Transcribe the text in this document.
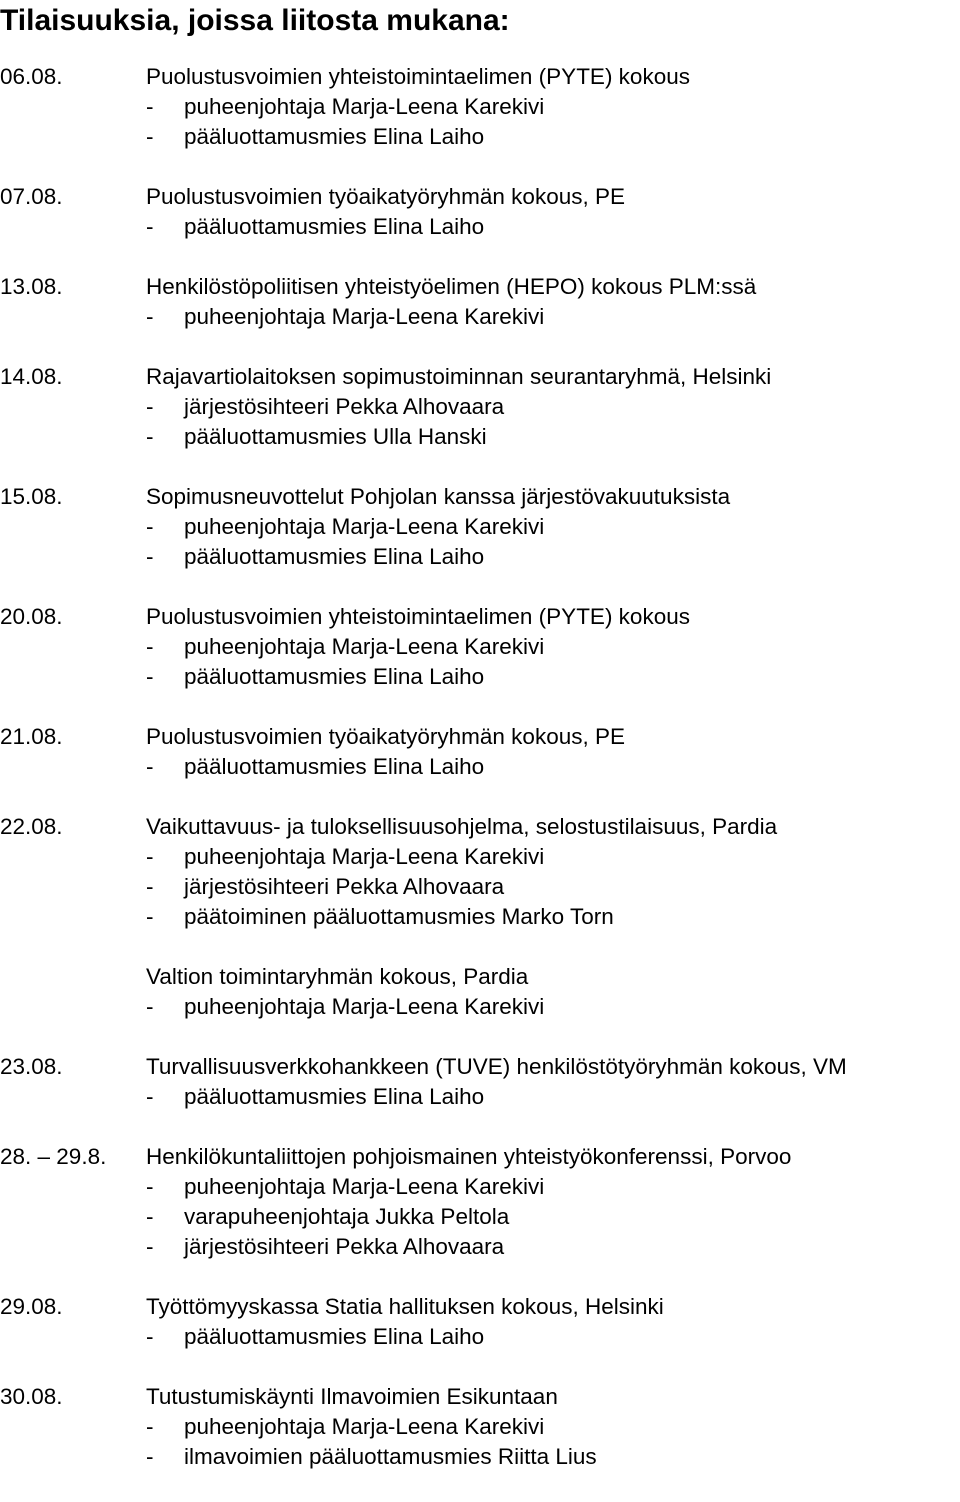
Tilaisuuksia, joissa liitosta mukana:
06.08.	Puolustusvoimien yhteistoimintaelimen (PYTE) kokous
- puheenjohtaja Marja-Leena Karekivi
- pääluottamusmies Elina Laiho
07.08.	Puolustusvoimien työaikatyöryhmän kokous, PE
- pääluottamusmies Elina Laiho
13.08.	Henkilöstöpoliitisen yhteistyöelimen (HEPO) kokous PLM:ssä
- puheenjohtaja Marja-Leena Karekivi
14.08.	Rajavartiolaitoksen sopimustoiminnan seurantaryhmä, Helsinki
- järjestösihteeri Pekka Alhovaara
- pääluottamusmies Ulla Hanski
15.08.	Sopimusneuvottelut Pohjolan kanssa järjestövakuutuksista
- puheenjohtaja Marja-Leena Karekivi
- pääluottamusmies Elina Laiho
20.08.	Puolustusvoimien yhteistoimintaelimen (PYTE) kokous
- puheenjohtaja Marja-Leena Karekivi
- pääluottamusmies Elina Laiho
21.08.	Puolustusvoimien työaikatyöryhmän kokous, PE
- pääluottamusmies Elina Laiho
22.08.	Vaikuttavuus- ja tuloksellisuusohjelma, selostustilaisuus, Pardia
- puheenjohtaja Marja-Leena Karekivi
- järjestösihteeri Pekka Alhovaara
- päätoiminen pääluottamusmies Marko Torn
Valtion toimintaryhmän kokous, Pardia
- puheenjohtaja Marja-Leena Karekivi
23.08.	Turvallisuusverkkohankkeen (TUVE) henkilöstötyöryhmän kokous, VM
- pääluottamusmies Elina Laiho
28. – 29.8. Henkilökuntaliittojen pohjoismainen yhteistyökonferenssi, Porvoo
- puheenjohtaja Marja-Leena Karekivi
- varapuheenjohtaja Jukka Peltola
- järjestösihteeri Pekka Alhovaara
29.08.	Työttömyyskassa Statia hallituksen kokous, Helsinki
- pääluottamusmies Elina Laiho
30.08.	Tutustumiskäynti Ilmavoimien Esikuntaan
- puheenjohtaja Marja-Leena Karekivi
- ilmavoimien pääluottamusmies Riitta Lius
